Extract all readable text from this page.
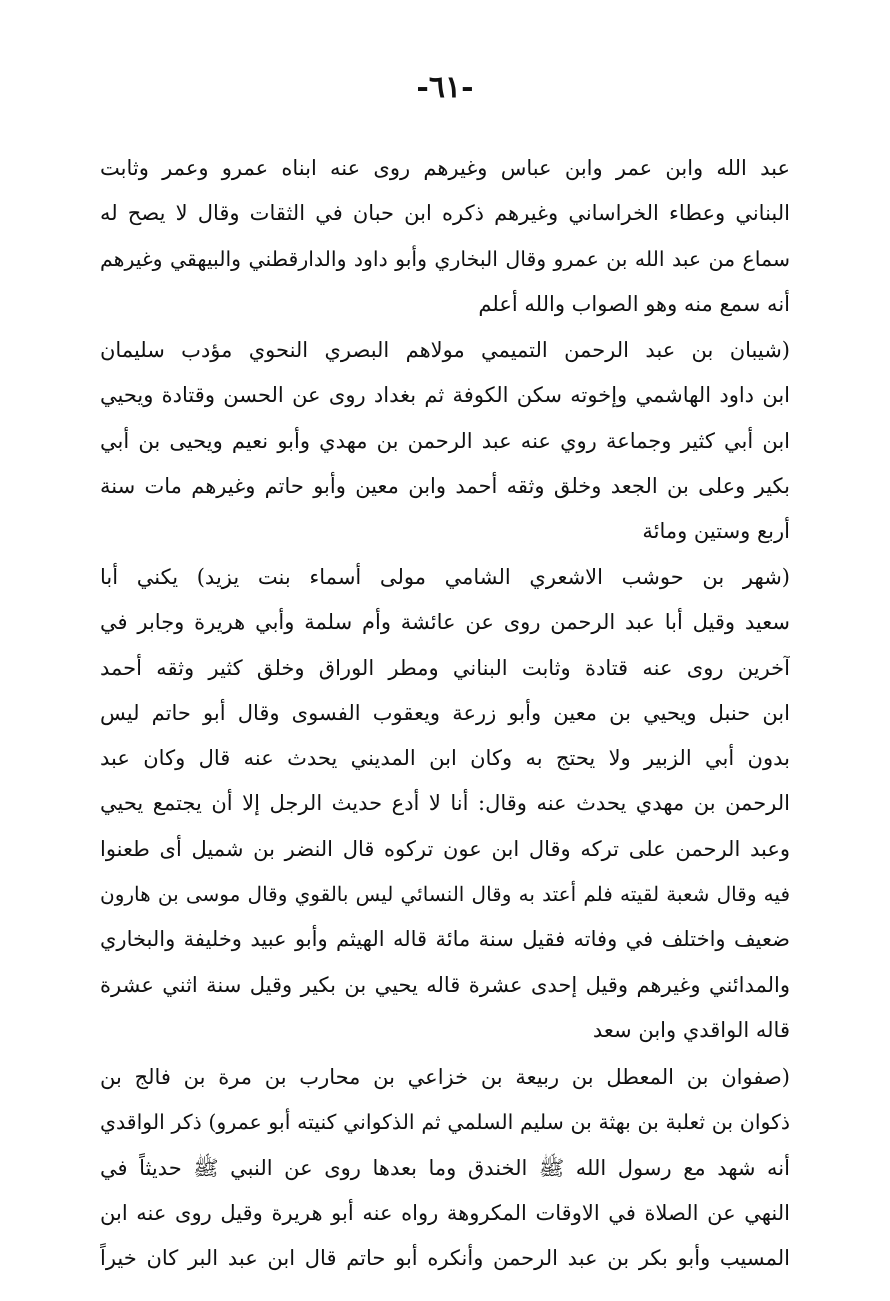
-٦١-
عبد الله وابن عمر وابن عباس وغيرهم روى عنه ابناه عمرو وعمر وثابت
البناني وعطاء الخراساني وغيرهم ذكره ابن حبان في الثقات وقال لا يصح له
سماع من عبد الله بن عمرو وقال البخاري وأبو داود والدارقطني والبيهقي وغيرهم
أنه سمع منه وهو الصواب والله أعلم
(شيبان بن عبد الرحمن التميمي مولاهم البصري النحوي مؤدب سليمان
ابن داود الهاشمي وإخوته سكن الكوفة ثم بغداد روى عن الحسن وقتادة ويحيي
ابن أبي كثير وجماعة روي عنه عبد الرحمن بن مهدي وأبو نعيم ويحيى بن أبي
بكير وعلى بن الجعد وخلق وثقه أحمد وابن معين وأبو حاتم وغيرهم مات سنة
أربع وستين ومائة
(شهر بن حوشب الاشعري الشامي مولى أسماء بنت يزيد) يكني أبا
سعيد وقيل أبا عبد الرحمن روى عن عائشة وأم سلمة وأبي هريرة وجابر في
آخرين روى عنه قتادة وثابت البناني ومطر الوراق وخلق كثير وثقه أحمد
ابن حنبل ويحيي بن معين وأبو زرعة ويعقوب الفسوى وقال أبو حاتم ليس
بدون أبي الزبير ولا يحتج به وكان ابن المديني يحدث عنه قال وكان عبد
الرحمن بن مهدي يحدث عنه وقال: أنا لا أدع حديث الرجل إلا أن يجتمع يحيي
وعبد الرحمن على تركه وقال ابن عون تركوه قال النضر بن شميل أى طعنوا
فيه وقال شعبة لقيته فلم أعتد به وقال النسائي ليس بالقوي وقال موسى بن هارون
ضعيف واختلف في وفاته فقيل سنة مائة قاله الهيثم وأبو عبيد وخليفة والبخاري
والمدائني وغيرهم وقيل إحدى عشرة قاله يحيي بن بكير وقيل سنة اثني عشرة
قاله الواقدي وابن سعد
(صفوان بن المعطل بن ربيعة بن خزاعي بن محارب بن مرة بن فالج بن
ذكوان بن ثعلبة بن بهثة بن سليم السلمي ثم الذكواني كنيته أبو عمرو) ذكر الواقدي
أنه شهد مع رسول الله ﷺ الخندق وما بعدها روى عن النبي ﷺ حديثاً في
النهي عن الصلاة في الاوقات المكروهة رواه عنه أبو هريرة وقيل روى عنه ابن
المسيب وأبو بكر بن عبد الرحمن وأنكره أبو حاتم قال ابن عبد البر كان خيراً
